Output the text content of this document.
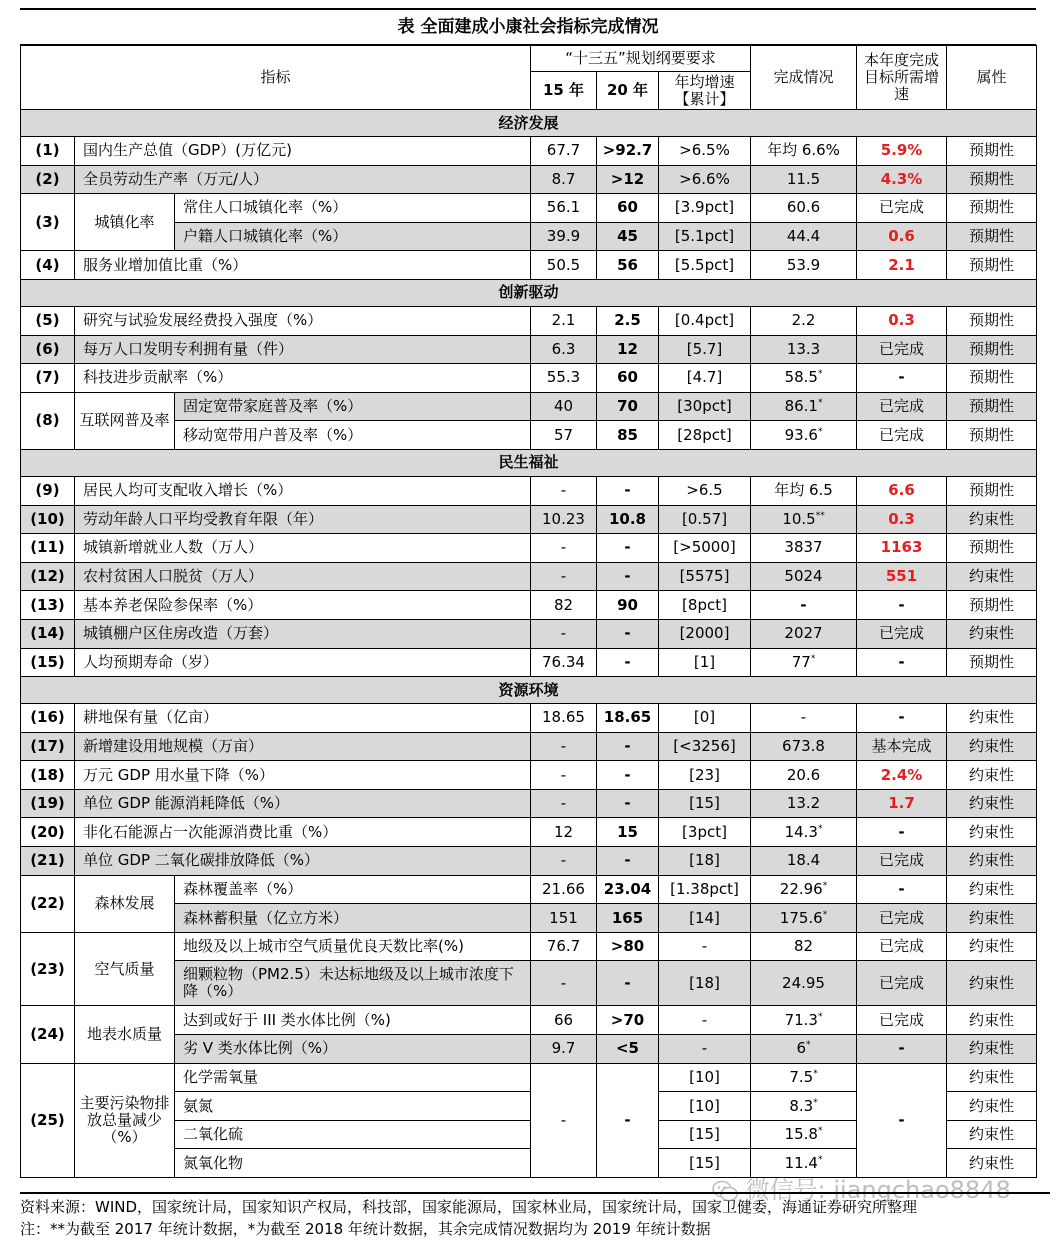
表 全面建成小康社会指标完成情况
指标			“十三五”规划纲要要求			完成情况	本年度完成目标所需增速	属性
			15 年	20 年	年均增速【累计】			
经济发展								
(1)	国内生产总值（GDP）(万亿元)		67.7	>92.7	>6.5%	年均 6.6%	5.9%	预期性
(2)	全员劳动生产率（万元/人）		8.7	>12	>6.6%	11.5	4.3%	预期性
(3)	城镇化率	常住人口城镇化率（%）	56.1	60	[3.9pct]	60.6	已完成	预期性
		户籍人口城镇化率（%）	39.9	45	[5.1pct]	44.4	0.6	预期性
(4)	服务业增加值比重（%）		50.5	56	[5.5pct]	53.9	2.1	预期性
创新驱动								
(5)	研究与试验发展经费投入强度（%）		2.1	2.5	[0.4pct]	2.2	0.3	预期性
(6)	每万人口发明专利拥有量（件）		6.3	12	[5.7]	13.3	已完成	预期性
(7)	科技进步贡献率（%）		55.3	60	[4.7]	58.5*	-	预期性
(8)	互联网普及率	固定宽带家庭普及率（%）	40	70	[30pct]	86.1*	已完成	预期性
		移动宽带用户普及率（%）	57	85	[28pct]	93.6*	已完成	预期性
民生福祉								
(9)	居民人均可支配收入增长（%）		-	-	>6.5	年均 6.5	6.6	预期性
(10)	劳动年龄人口平均受教育年限（年）		10.23	10.8	[0.57]	10.5**	0.3	约束性
(11)	城镇新增就业人数（万人）		-	-	[>5000]	3837	1163	预期性
(12)	农村贫困人口脱贫（万人）		-	-	[5575]	5024	551	约束性
(13)	基本养老保险参保率（%）		82	90	[8pct]	-	-	预期性
(14)	城镇棚户区住房改造（万套）		-	-	[2000]	2027	已完成	约束性
(15)	人均预期寿命（岁）		76.34	-	[1]	77*	-	预期性
资源环境								
(16)	耕地保有量（亿亩）		18.65	18.65	[0]	-	-	约束性
(17)	新增建设用地规模（万亩）		-	-	[<3256]	673.8	基本完成	约束性
(18)	万元 GDP 用水量下降（%）		-	-	[23]	20.6	2.4%	约束性
(19)	单位 GDP 能源消耗降低（%）		-	-	[15]	13.2	1.7	约束性
(20)	非化石能源占一次能源消费比重（%）		12	15	[3pct]	14.3*	-	约束性
(21)	单位 GDP 二氧化碳排放降低（%）		-	-	[18]	18.4	已完成	约束性
(22)	森林发展	森林覆盖率（%）	21.66	23.04	[1.38pct]	22.96*	-	约束性
		森林蓄积量（亿立方米）	151	165	[14]	175.6*	已完成	约束性
(23)	空气质量	地级及以上城市空气质量优良天数比率(%)	76.7	>80	-	82	已完成	约束性
		细颗粒物（PM2.5）未达标地级及以上城市浓度下降（%）	-	-	[18]	24.95	已完成	约束性
(24)	地表水质量	达到或好于 III 类水体比例（%)	66	>70	-	71.3*	已完成	约束性
		劣 V 类水体比例（%）	9.7	<5	-	6*	-	约束性
(25)	主要污染物排放总量减少（%）	化学需氧量	-	-	[10]	7.5*	-	约束性
		氨氮			[10]	8.3*		约束性
		二氧化硫			[15]	15.8*		约束性
		氮氧化物			[15]	11.4*		约束性
微信号: jiangchao8848
资料来源：WIND，国家统计局，国家知识产权局，科技部，国家能源局，国家林业局，国家统计局，国家卫健委，海通证券研究所整理
注：**为截至 2017 年统计数据，*为截至 2018 年统计数据，其余完成情况数据均为 2019 年统计数据
